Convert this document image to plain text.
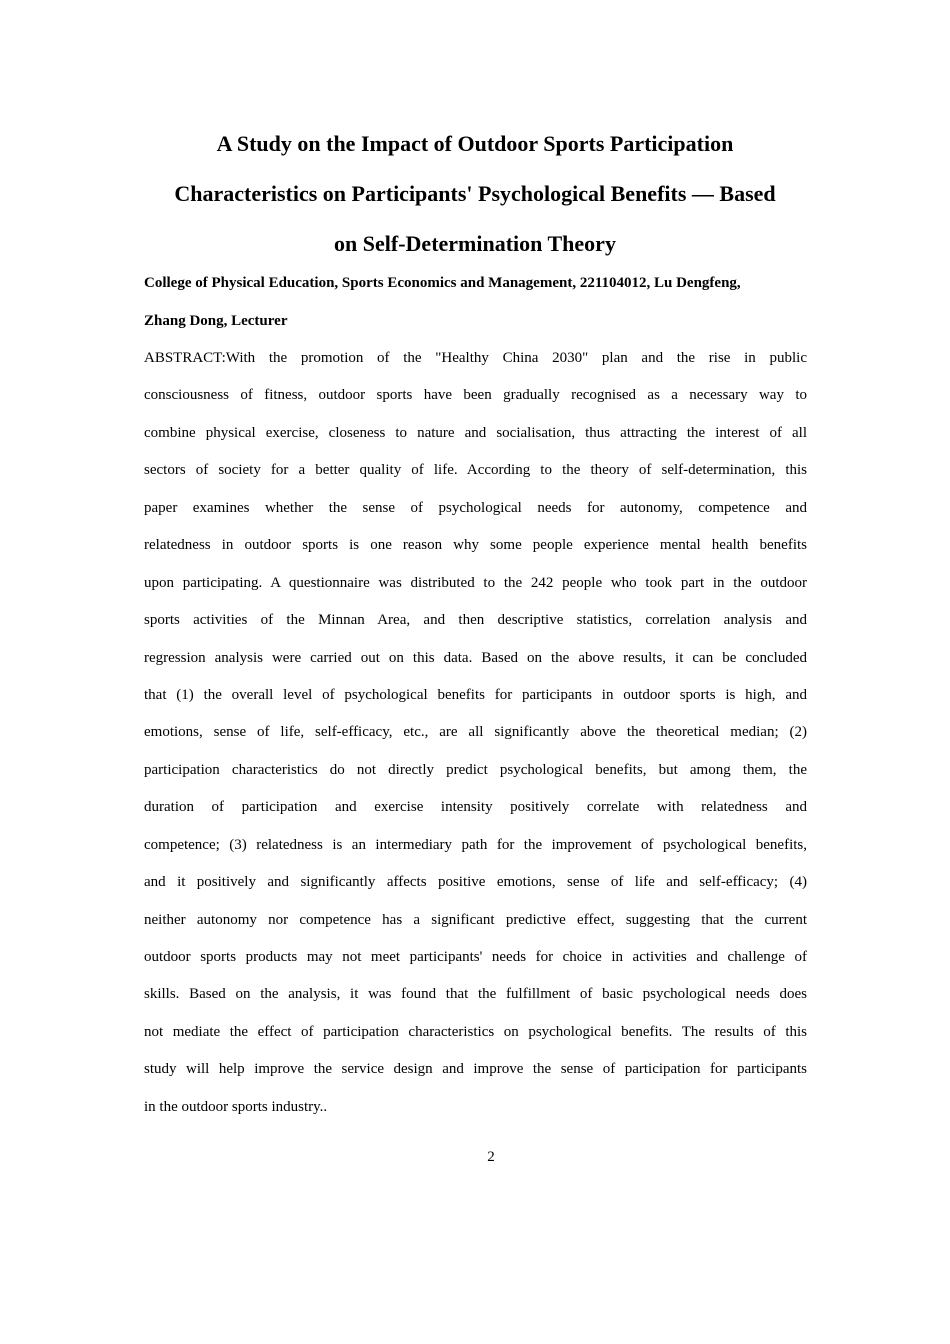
A Study on the Impact of Outdoor Sports Participation
Characteristics on Participants' Psychological Benefits — Based
on Self-Determination Theory

College of Physical Education, Sports Economics and Management, 221104012, Lu Dengfeng,
Zhang Dong, Lecturer

ABSTRACT:With the promotion of the "Healthy China 2030" plan and the rise in public
consciousness of fitness, outdoor sports have been gradually recognised as a necessary way to
combine physical exercise, closeness to nature and socialisation, thus attracting the interest of all
sectors of society for a better quality of life. According to the theory of self-determination, this
paper examines whether the sense of psychological needs for autonomy, competence and
relatedness in outdoor sports is one reason why some people experience mental health benefits
upon participating. A questionnaire was distributed to the 242 people who took part in the outdoor
sports activities of the Minnan Area, and then descriptive statistics, correlation analysis and
regression analysis were carried out on this data. Based on the above results, it can be concluded
that (1) the overall level of psychological benefits for participants in outdoor sports is high, and
emotions, sense of life, self-efficacy, etc., are all significantly above the theoretical median; (2)
participation characteristics do not directly predict psychological benefits, but among them, the
duration of participation and exercise intensity positively correlate with relatedness and
competence; (3) relatedness is an intermediary path for the improvement of psychological benefits,
and it positively and significantly affects positive emotions, sense of life and self-efficacy; (4)
neither autonomy nor competence has a significant predictive effect, suggesting that the current
outdoor sports products may not meet participants' needs for choice in activities and challenge of
skills. Based on the analysis, it was found that the fulfillment of basic psychological needs does
not mediate the effect of participation characteristics on psychological benefits. The results of this
study will help improve the service design and improve the sense of participation for participants
in the outdoor sports industry..
2
